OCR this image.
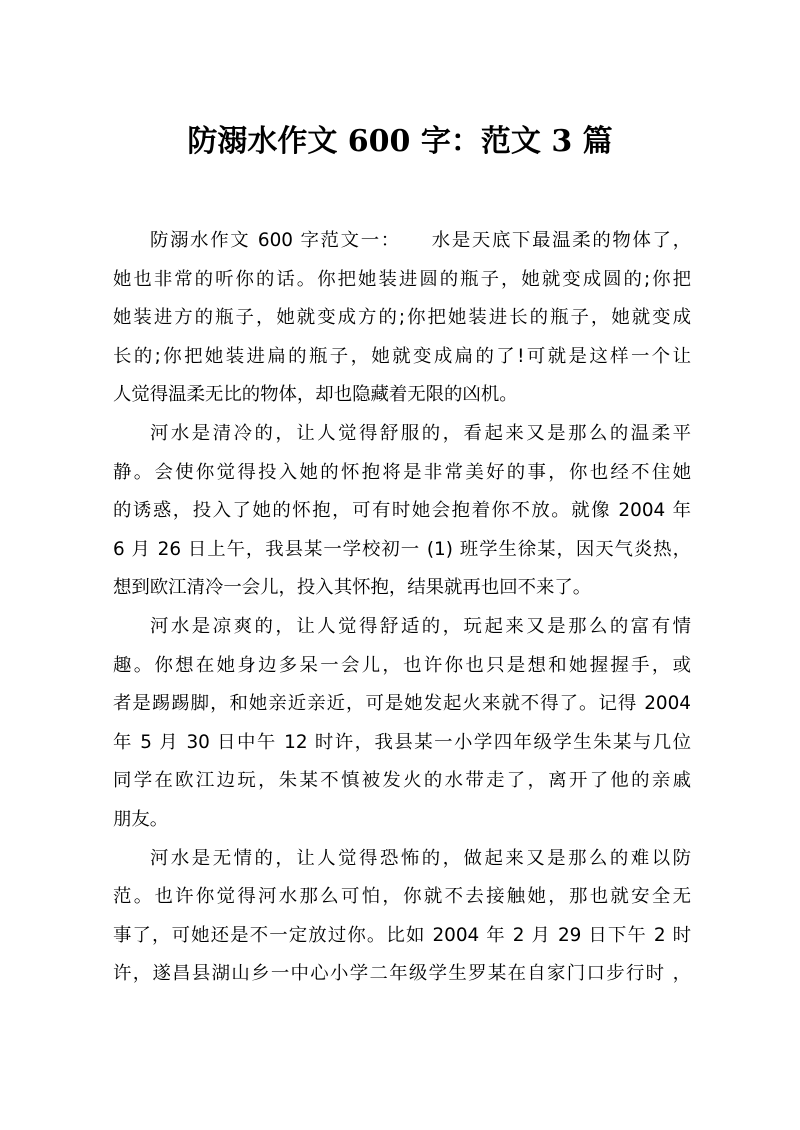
防溺水作文 600 字：范文 3 篇
防溺水作文 600 字范文一：　　水是天底下最温柔的物体了，
她也非常的听你的话。你把她装进圆的瓶子，她就变成圆的;你把
她装进方的瓶子，她就变成方的;你把她装进长的瓶子，她就变成
长的;你把她装进扁的瓶子，她就变成扁的了!可就是这样一个让
人觉得温柔无比的物体，却也隐藏着无限的凶机。
河水是清冷的，让人觉得舒服的，看起来又是那么的温柔平
静。会使你觉得投入她的怀抱将是非常美好的事，你也经不住她
的诱惑，投入了她的怀抱，可有时她会抱着你不放。就像 2004 年
6 月 26 日上午，我县某一学校初一 (1) 班学生徐某，因天气炎热，
想到欧江清冷一会儿，投入其怀抱，结果就再也回不来了。
河水是凉爽的，让人觉得舒适的，玩起来又是那么的富有情
趣。你想在她身边多呆一会儿，也许你也只是想和她握握手，或
者是踢踢脚，和她亲近亲近，可是她发起火来就不得了。记得 2004
年 5 月 30 日中午 12 时许，我县某一小学四年级学生朱某与几位
同学在欧江边玩，朱某不慎被发火的水带走了，离开了他的亲戚
朋友。
河水是无情的，让人觉得恐怖的，做起来又是那么的难以防
范。也许你觉得河水那么可怕，你就不去接触她，那也就安全无
事了，可她还是不一定放过你。比如 2004 年 2 月 29 日下午 2 时
许，遂昌县湖山乡一中心小学二年级学生罗某在自家门口步行时 ，
